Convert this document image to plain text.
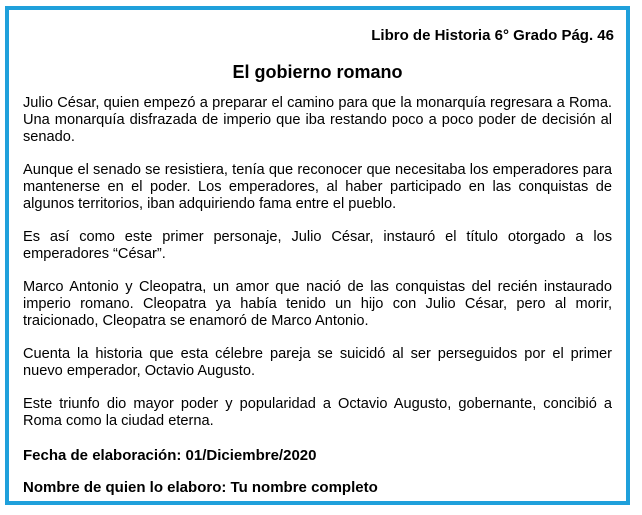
Libro de Historia 6° Grado Pág. 46
El gobierno romano

Julio César, quien empezó a preparar el camino para que la monarquía regresara a Roma. Una monarquía disfrazada de imperio que iba restando poco a poco poder de decisión al senado.

Aunque el senado se resistiera, tenía que reconocer que necesitaba los emperadores para mantenerse en el poder. Los emperadores, al haber participado en las conquistas de algunos territorios, iban adquiriendo fama entre el pueblo.

Es así como este primer personaje, Julio César, instauró el título otorgado a los emperadores “César”.

Marco Antonio y Cleopatra, un amor que nació de las conquistas del recién instaurado imperio romano. Cleopatra ya había tenido un hijo con Julio César, pero al morir, traicionado, Cleopatra se enamoró de Marco Antonio.

Cuenta la historia que esta célebre pareja se suicidó al ser perseguidos por el primer nuevo emperador, Octavio Augusto.

Este triunfo dio mayor poder y popularidad a Octavio Augusto, gobernante, concibió a Roma como la ciudad eterna.

Fecha de elaboración: 01/Diciembre/2020
Nombre de quien lo elaboro: Tu nombre completo
